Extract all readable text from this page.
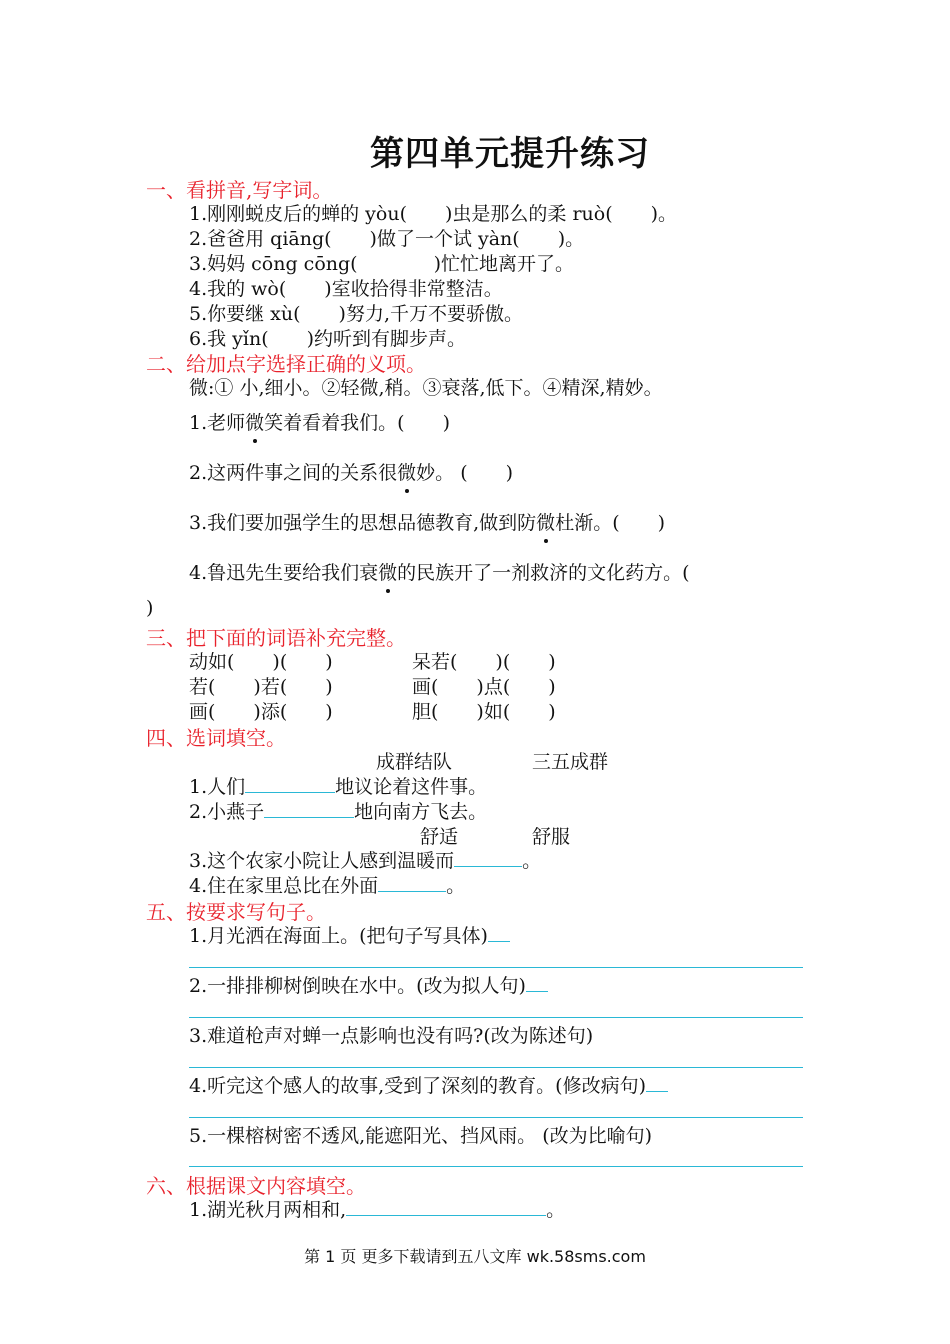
第四单元提升练习
一、看拼音,写字词。
1.刚刚蜕皮后的蝉的 yòu(　　)虫是那么的柔 ruò(　　)。
2.爸爸用 qiāng(　　)做了一个试 yàn(　　)。
3.妈妈 cōng cōng(　　　　)忙忙地离开了。
4.我的 wò(　　)室收拾得非常整洁。
5.你要继 xù(　　)努力,千万不要骄傲。
6.我 yǐn(　　)约听到有脚步声。
二、给加点字选择正确的义项。
微:① 小,细小。②轻微,稍。③衰落,低下。④精深,精妙。
1.老师微笑着看着我们。(　　)
2.这两件事之间的关系很微妙。 (　　)
3.我们要加强学生的思想品德教育,做到防微杜渐。(　　)
4.鲁迅先生要给我们衰微的民族开了一剂救济的文化药方。(
)
三、把下面的词语补充完整。
动如(　　)(　　)	呆若(　　)(　　)
若(　　)若(　　)	画(　　)点(　　)
画(　　)添(　　)	胆(　　)如(　　)
四、选词填空。
成群结队	三五成群
1.人们	地议论着这件事。
2.小燕子	地向南方飞去。
舒适	舒服
3.这个农家小院让人感到温暖而	。
4.住在家里总比在外面	。
五、按要求写句子。
1.月光洒在海面上。(把句子写具体)
2.一排排柳树倒映在水中。(改为拟人句)
3.难道枪声对蝉一点影响也没有吗?(改为陈述句)
4.听完这个感人的故事,受到了深刻的教育。(修改病句)
5.一棵榕树密不透风,能遮阳光、挡风雨。 (改为比喻句)
六、根据课文内容填空。
1.湖光秋月两相和,	。
第 1 页 更多下载请到五八文库 wk.58sms.com
